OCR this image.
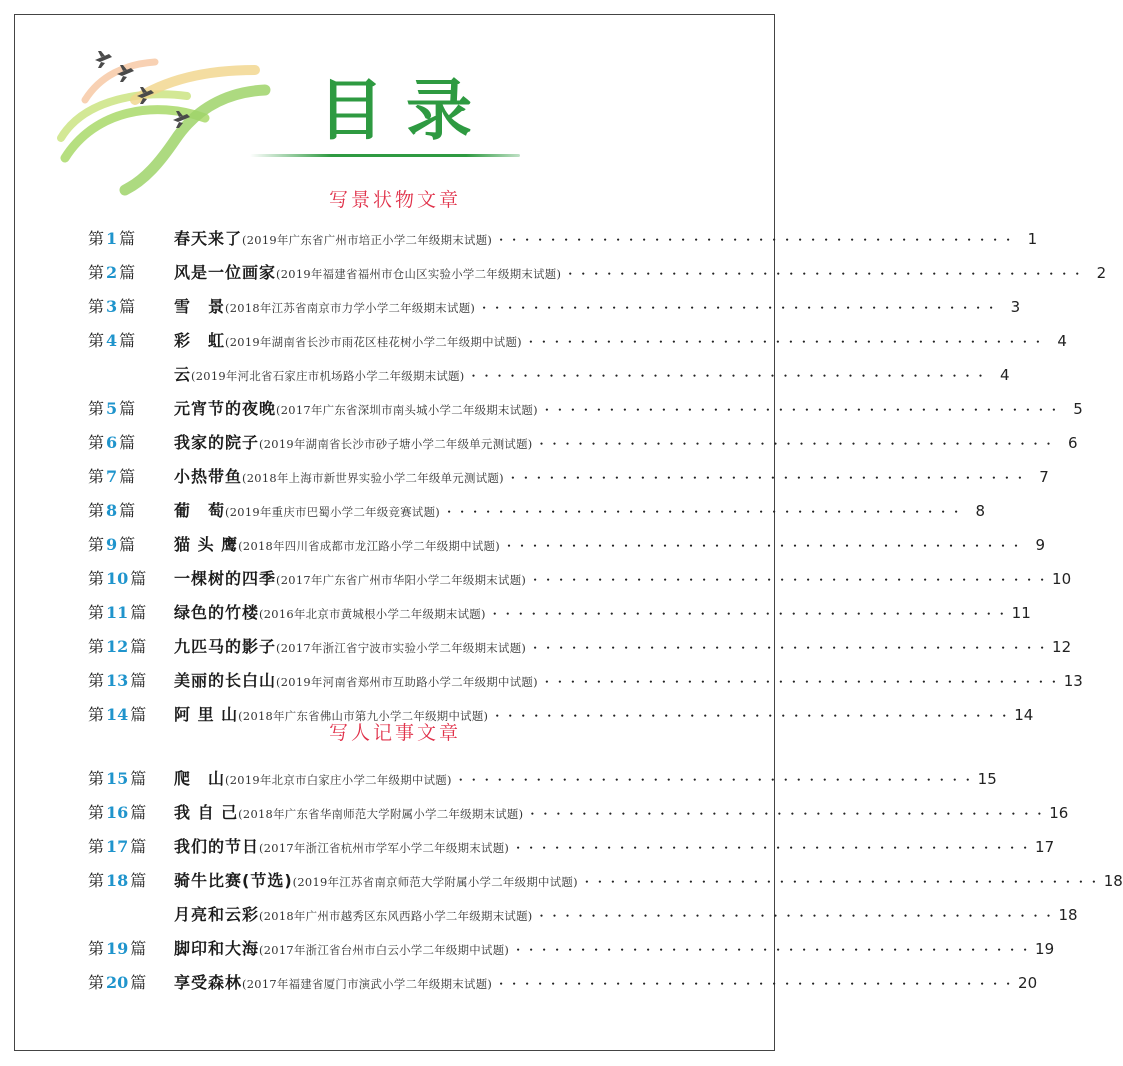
目录
写景状物文章
第 1 篇	春天来了 (2019年广东省广州市培正小学二年级期末试题) ・・・・・・・・・・・・・・・・・・・・・・・・・・・・・・・・・・・・・・・・ 1
第 2 篇	风是一位画家 (2019年福建省福州市仓山区实验小学二年级期末试题) ・・・・・・・・・・・・・・・・・・・・・・・・・・・・・・・・・・・・・・・・ 2
第 3 篇	雪　景 (2018年江苏省南京市力学小学二年级期末试题) ・・・・・・・・・・・・・・・・・・・・・・・・・・・・・・・・・・・・・・・・ 3
第 4 篇	彩　虹 (2019年湖南省长沙市雨花区桂花树小学二年级期中试题) ・・・・・・・・・・・・・・・・・・・・・・・・・・・・・・・・・・・・・・・・ 4
云 (2019年河北省石家庄市机场路小学二年级期末试题) ・・・・・・・・・・・・・・・・・・・・・・・・・・・・・・・・・・・・・・・・ 4
第 5 篇	元宵节的夜晚 (2017年广东省深圳市南头城小学二年级期末试题) ・・・・・・・・・・・・・・・・・・・・・・・・・・・・・・・・・・・・・・・・ 5
第 6 篇	我家的院子 (2019年湖南省长沙市砂子塘小学二年级单元测试题) ・・・・・・・・・・・・・・・・・・・・・・・・・・・・・・・・・・・・・・・・ 6
第 7 篇	小热带鱼 (2018年上海市新世界实验小学二年级单元测试题) ・・・・・・・・・・・・・・・・・・・・・・・・・・・・・・・・・・・・・・・・ 7
第 8 篇	葡　萄 (2019年重庆市巴蜀小学二年级竞赛试题) ・・・・・・・・・・・・・・・・・・・・・・・・・・・・・・・・・・・・・・・・ 8
第 9 篇	猫 头 鹰 (2018年四川省成都市龙江路小学二年级期中试题) ・・・・・・・・・・・・・・・・・・・・・・・・・・・・・・・・・・・・・・・・ 9
第 10 篇	一棵树的四季 (2017年广东省广州市华阳小学二年级期末试题) ・・・・・・・・・・・・・・・・・・・・・・・・・・・・・・・・・・・・・・・・ 10
第 11 篇	绿色的竹楼 (2016年北京市黄城根小学二年级期末试题) ・・・・・・・・・・・・・・・・・・・・・・・・・・・・・・・・・・・・・・・・ 11
第 12 篇	九匹马的影子 (2017年浙江省宁波市实验小学二年级期末试题) ・・・・・・・・・・・・・・・・・・・・・・・・・・・・・・・・・・・・・・・・ 12
第 13 篇	美丽的长白山 (2019年河南省郑州市互助路小学二年级期中试题) ・・・・・・・・・・・・・・・・・・・・・・・・・・・・・・・・・・・・・・・・ 13
第 14 篇	阿 里 山 (2018年广东省佛山市第九小学二年级期中试题) ・・・・・・・・・・・・・・・・・・・・・・・・・・・・・・・・・・・・・・・・ 14
写人记事文章
第 15 篇	爬　山 (2019年北京市白家庄小学二年级期中试题) ・・・・・・・・・・・・・・・・・・・・・・・・・・・・・・・・・・・・・・・・ 15
第 16 篇	我 自 己 (2018年广东省华南师范大学附属小学二年级期末试题) ・・・・・・・・・・・・・・・・・・・・・・・・・・・・・・・・・・・・・・・・ 16
第 17 篇	我们的节日 (2017年浙江省杭州市学军小学二年级期末试题) ・・・・・・・・・・・・・・・・・・・・・・・・・・・・・・・・・・・・・・・・ 17
第 18 篇	骑牛比赛(节选) (2019年江苏省南京师范大学附属小学二年级期中试题) ・・・・・・・・・・・・・・・・・・・・・・・・・・・・・・・・・・・・・・・・ 18
月亮和云彩 (2018年广州市越秀区东风西路小学二年级期末试题) ・・・・・・・・・・・・・・・・・・・・・・・・・・・・・・・・・・・・・・・・ 18
第 19 篇	脚印和大海 (2017年浙江省台州市白云小学二年级期中试题) ・・・・・・・・・・・・・・・・・・・・・・・・・・・・・・・・・・・・・・・・ 19
第 20 篇	享受森林 (2017年福建省厦门市演武小学二年级期末试题) ・・・・・・・・・・・・・・・・・・・・・・・・・・・・・・・・・・・・・・・・ 20
